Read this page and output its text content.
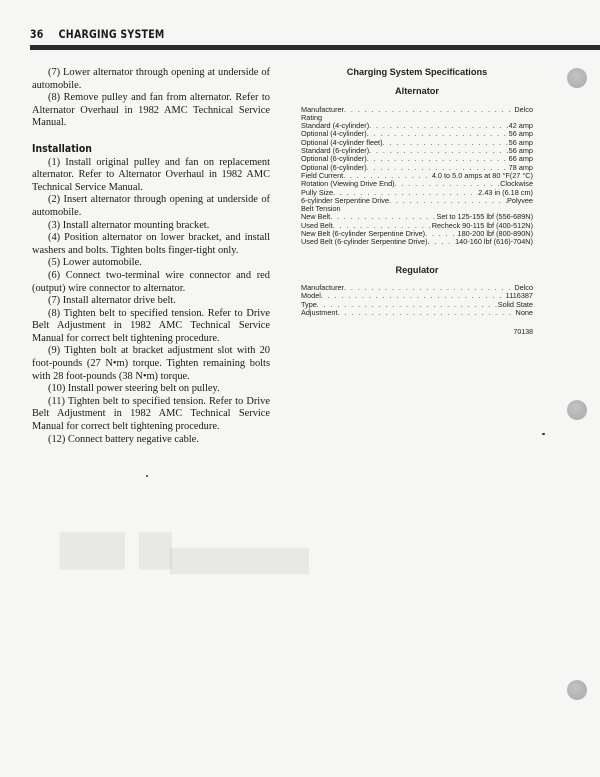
▆▆ ▆
▆▆▆▆▆▆
36 CHARGING SYSTEM

(7) Lower alternator through opening at underside of automobile.

(8) Remove pulley and fan from alternator. Refer to Alternator Overhaul in 1982 AMC Technical Service Manual.

Installation

(1) Install original pulley and fan on replacement alternator. Refer to Alternator Overhaul in 1982 AMC Technical Service Manual.

(2) Insert alternator through opening at underside of automobile.

(3) Install alternator mounting bracket.

(4) Position alternator on lower bracket, and install washers and bolts. Tighten bolts finger-tight only.

(5) Lower automobile.

(6) Connect two-terminal wire connector and red (output) wire connector to alternator.

(7) Install alternator drive belt.

(8) Tighten belt to specified tension. Refer to Drive Belt Adjustment in 1982 AMC Technical Service Manual for correct belt tightening procedure.

(9) Tighten bolt at bracket adjustment slot with 20 foot-pounds (27 N•m) torque. Tighten remaining bolts with 28 foot-pounds (38 N•m) torque.

(10) Install power steering belt on pulley.

(11) Tighten belt to specified tension. Refer to Drive Belt Adjustment in 1982 AMC Technical Service Manual for correct belt tightening procedure.

(12) Connect battery negative cable.

Charging System Specifications
Alternator
Manufacturer . . .	Delco
Rating
Standard (4-cylinder) . . .	42 amp
Optional (4-cylinder) . . .	56 amp
Optional (4-cylinder fleet) . . .	56 amp
Standard (6-cylinder) . . .	56 amp
Optional (6-cylinder) . . .	66 amp
Optional (6-cylinder) . . .	78 amp
Field Current . . .	4.0 to 5.0 amps at 80 °F(27 °C)
Rotation (Viewing Drive End) . . .	Clockwise
Pully Size . . .	2.43 in (6.18 cm)
6-cylinder Serpentine Drive . . .	Polyvee
Belt Tension
New Belt . . .	Set to 125-155 lbf (556-689N)
Used Belt . . .	Recheck 90-115 lbf (400-512N)
New Belt (6-cylinder Serpentine Drive) . . .	180-200 lbf (800-890N)
Used Belt (6-cylinder Serpentine Drive) . . .	140-160 lbf (616)-704N)
Regulator
Manufacturer . . .	Delco
Model . . .	1116387
Type . . .	Solid State
Adjustment . . .	None
70138
